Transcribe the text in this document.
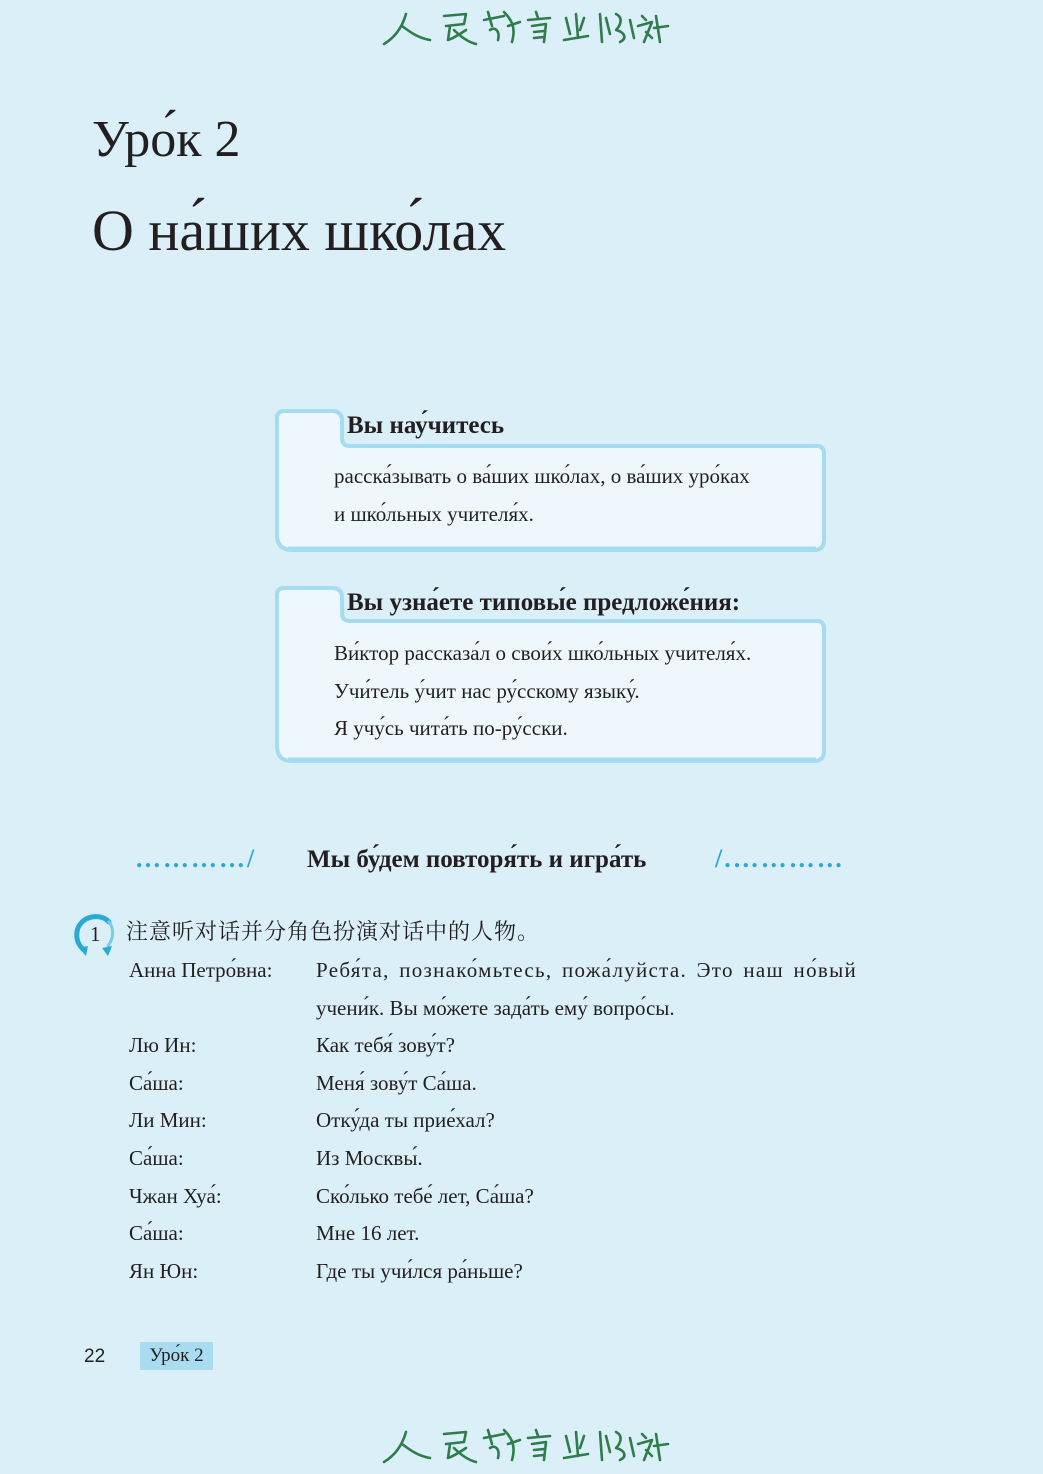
Уро́к 2
О на́ших шко́лах
Вы нау́читесь
расска́зывать о ва́ших шко́лах, о ва́ших уро́ках
и шко́льных учителя́х.
Вы узна́ете типовы́е предложе́ния:
Ви́ктор рассказа́л о свои́х шко́льных учителя́х.
Учи́тель у́чит нас ру́сскому языку́.
Я учу́сь чита́ть по-ру́сски.
…………/ Мы бу́дем повторя́ть и игра́ть	/.…………
1 注意听对话并分角色扮演对话中的人物。
Анна Петро́вна:	Ребя́та, познако́мьтесь, пожа́луйста. Это наш но́вый
учени́к. Вы мо́жете зада́ть ему́ вопро́сы.
Лю Ин:	Как тебя́ зову́т?
Са́ша:	Меня́ зову́т Са́ша.
Ли Мин:	Отку́да ты прие́хал?
Са́ша:	Из Москвы́.
Чжан Хуа́:	Ско́лько тебе́ лет, Са́ша?
Са́ша:	Мне 16 лет.
Ян Юн:	Где ты учи́лся ра́ньше?
22	Уро́к 2
